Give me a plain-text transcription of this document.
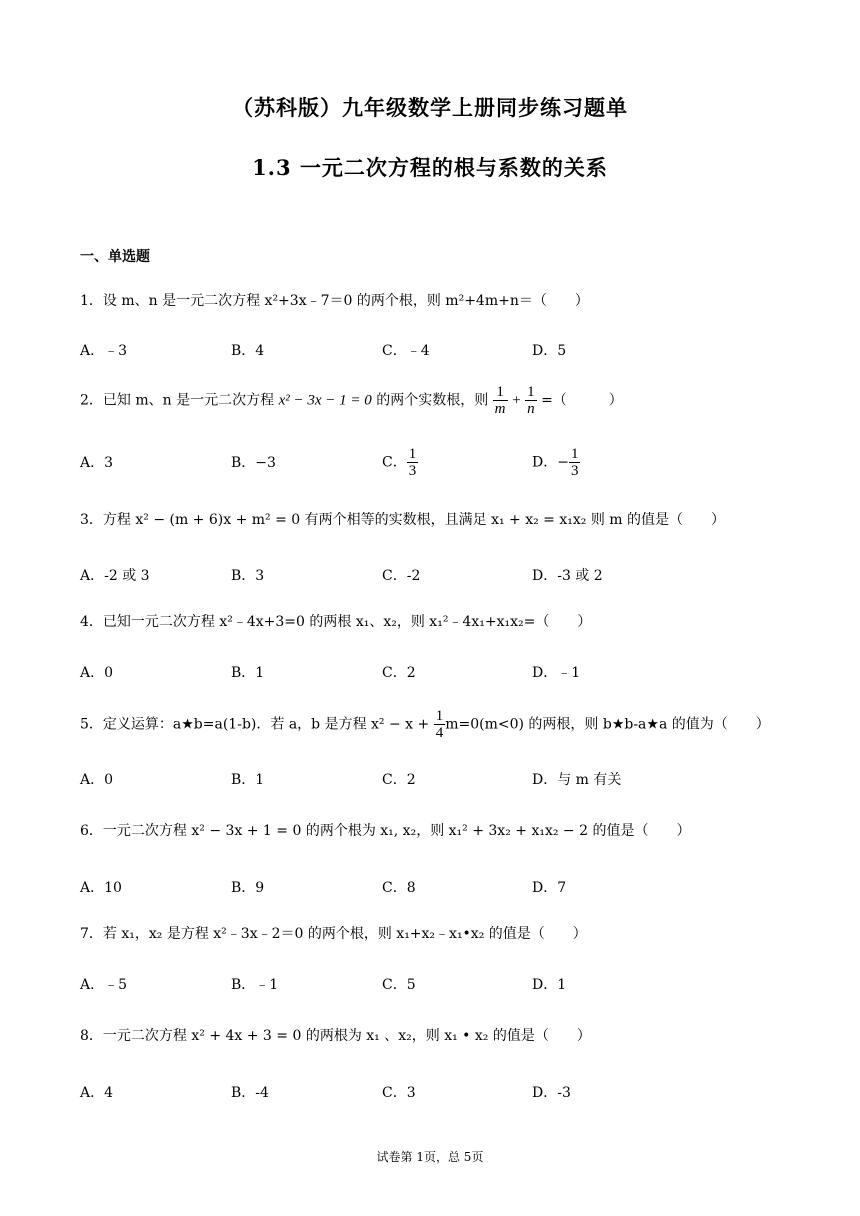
（苏科版）九年级数学上册同步练习题单
1.3 一元二次方程的根与系数的关系
一、单选题
1．设 m、n 是一元二次方程 x²+3x﹣7＝0 的两个根，则 m²+4m+n＝（　　）
A．﹣3	B．4	C．﹣4	D．5
2．已知 m、n 是一元二次方程 x² − 3x − 1 = 0 的两个实数根，则 $\frac{1}{m} + \frac{1}{n}$ =（　　　）
A．3	B．−3	C． $\frac{1}{3}$	D．− $\frac{1}{3}$
3．方程 x² − (m + 6)x + m² = 0 有两个相等的实数根，且满足 x₁ + x₂ = x₁x₂ 则 m 的值是（　　）
A．-2 或 3	B．3	C．-2	D．-3 或 2
4．已知一元二次方程 x²﹣4x+3=0 的两根 x₁、x₂，则 x₁²﹣4x₁+x₁x₂=（　　）
A．0	B．1	C．2	D．﹣1
5．定义运算：a★b=a(1-b)．若 a，b 是方程 $x^2 - x + \frac{1}{4} m=0(m<0)$ 的两根，则 b★b-a★a 的值为（　　）
A．0	B．1	C．2	D．与 m 有关
6．一元二次方程 x² − 3x + 1 = 0 的两个根为 x₁, x₂，则 x₁² + 3x₂ + x₁x₂ − 2 的值是（　　）
A．10	B．9	C．8	D．7
7．若 x₁，x₂ 是方程 x²﹣3x﹣2＝0 的两个根，则 x₁+x₂﹣x₁•x₂ 的值是（　　）
A．﹣5	B．﹣1	C．5	D．1
8．一元二次方程 x² + 4x + 3 = 0 的两根为 x₁ 、x₂，则 x₁ • x₂ 的值是（　　）
A．4	B．-4	C．3	D．-3
试卷第 1页，总 5页
